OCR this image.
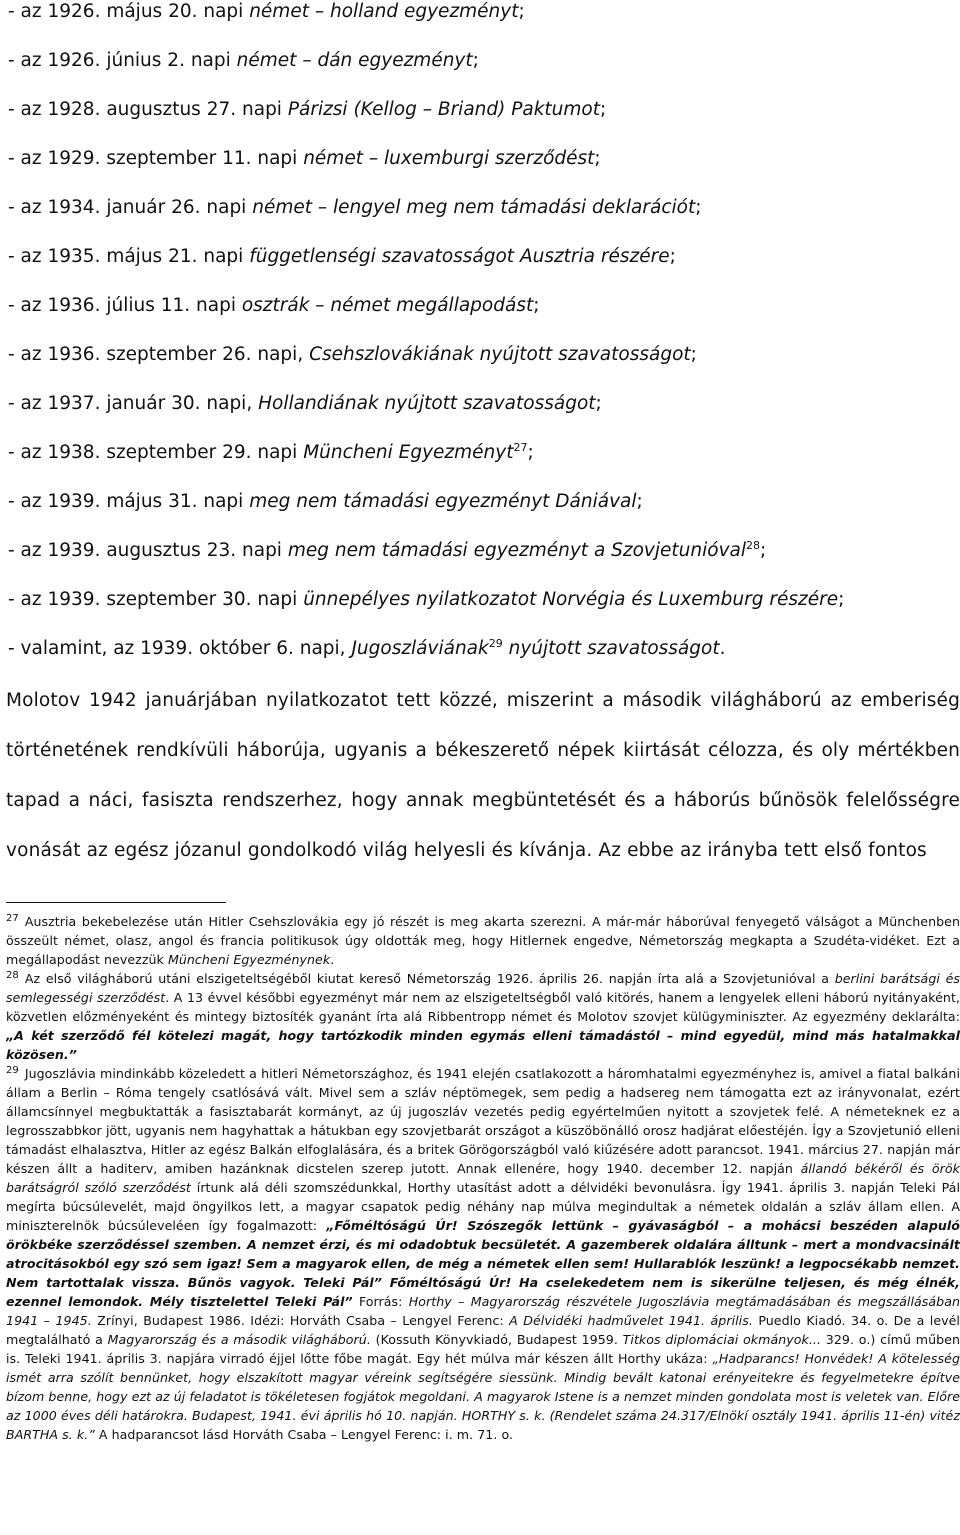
- az 1926. május 20. napi német – holland egyezményt;
- az 1926. június 2. napi német – dán egyezményt;
- az 1928. augusztus 27. napi Párizsi (Kellog – Briand) Paktumot;
- az 1929. szeptember 11. napi német – luxemburgi szerződést;
- az 1934. január 26. napi német – lengyel meg nem támadási deklarációt;
- az 1935. május 21. napi függetlenségi szavatosságot Ausztria részére;
- az 1936. július 11. napi osztrák – német megállapodást;
- az 1936. szeptember 26. napi, Csehszlovákiának nyújtott szavatosságot;
- az 1937. január 30. napi, Hollandiának nyújtott szavatosságot;
- az 1938. szeptember 29. napi Müncheni Egyezményt$^{27}$;
- az 1939. május 31. napi meg nem támadási egyezményt Dániával;
- az 1939. augusztus 23. napi meg nem támadási egyezményt a Szovjetunióval$^{28}$;
- az 1939. szeptember 30. napi ünnepélyes nyilatkozatot Norvégia és Luxemburg részére;
- valamint, az 1939. október 6. napi, Jugoszláviának$^{29}$ nyújtott szavatosságot.

Molotov 1942 januárjában nyilatkozatot tett közzé, miszerint a második világháború az emberiség történetének rendkívüli háborúja, ugyanis a békeszerető népek kiirtását célozza, és oly mértékben tapad a náci, fasiszta rendszerhez, hogy annak megbüntetését és a háborús bűnösök felelősségre vonását az egész józanul gondolkodó világ helyesli és kívánja. Az ebbe az irányba tett első fontos

$^{27}$ Ausztria bekebelezése után Hitler Csehszlovákia egy jó részét is meg akarta szerezni. A már-már háborúval fenyegető válságot a Münchenben összeült német, olasz, angol és francia politikusok úgy oldották meg, hogy Hitlernek engedve, Németország megkapta a Szudéta-vidéket. Ezt a megállapodást nevezzük Müncheni Egyezménynek.

$^{28}$ Az első világháború utáni elszigeteltségéből kiutat kereső Németország 1926. április 26. napján írta alá a Szovjetunióval a berlini barátsági és semlegességi szerződést. A 13 évvel későbbi egyezményt már nem az elszigeteltségből való kitörés, hanem a lengyelek elleni háború nyitányaként, közvetlen előzményeként és mintegy biztosíték gyanánt írta alá Ribbentropp német és Molotov szovjet külügyminiszter. Az egyezmény deklarálta: „A két szerződő fél kötelezi magát, hogy tartózkodik minden egymás elleni támadástól – mind egyedül, mind más hatalmakkal közösen.”

$^{29}$ Jugoszlávia mindinkább közeledett a hitleri Németországhoz, és 1941 elején csatlakozott a háromhatalmi egyezményhez is, amivel a fiatal balkáni állam a Berlin – Róma tengely csatlósává vált. Mivel sem a szláv néptömegek, sem pedig a hadsereg nem támogatta ezt az irányvonalat, ezért államcsínnyel megbuktatták a fasisztabarát kormányt, az új jugoszláv vezetés pedig egyértelműen nyitott a szovjetek felé. A németeknek ez a legrosszabbkor jött, ugyanis nem hagyhattak a hátukban egy szovjetbarát országot a küszöbönálló orosz hadjárat előestéjén. Így a Szovjetunió elleni támadást elhalasztva, Hitler az egész Balkán elfoglalására, és a britek Görögországból való kiűzésére adott parancsot. 1941. március 27. napján már készen állt a haditerv, amiben hazánknak dicstelen szerep jutott. Annak ellenére, hogy 1940. december 12. napján állandó békéről és örök barátságról szóló szerződést írtunk alá déli szomszédunkkal, Horthy utasítást adott a délvidéki bevonulásra. Így 1941. április 3. napján Teleki Pál megírta búcsúlevelét, majd öngyilkos lett, a magyar csapatok pedig néhány nap múlva megindultak a németek oldalán a szláv állam ellen. A miniszterelnök búcsúleveléen így fogalmazott: „Főméltóságú Úr! Szószegők lettünk – gyávaságból – a mohácsi beszéden alapuló örökbéke szerződéssel szemben. A nemzet érzi, és mi odadobtuk becsületét. A gazemberek oldalára álltunk – mert a mondvacsinált atrocitásokból egy szó sem igaz! Sem a magyarok ellen, de még a németek ellen sem! Hullarablók leszünk! a legpocsékabb nemzet. Nem tartottalak vissza. Bűnös vagyok. Teleki Pál” Főméltóságú Úr! Ha cselekedetem nem is sikerülne teljesen, és még élnék, ezennel lemondok. Mély tisztelettel Teleki Pál” Forrás: Horthy – Magyarország részvétele Jugoszlávia megtámadásában és megszállásában 1941 – 1945. Zrínyi, Budapest 1986. Idézi: Horváth Csaba – Lengyel Ferenc: A Délvidéki hadművelet 1941. április. Puedlo Kiadó. 34. o. De a levél megtalálható a Magyarország és a második világháború. (Kossuth Könyvkiadó, Budapest 1959. Titkos diplomáciai okmányok... 329. o.) című műben is. Teleki 1941. április 3. napjára virradó éjjel lőtte főbe magát. Egy hét múlva már készen állt Horthy ukáza: „Hadparancs! Honvédek! A kötelesség ismét arra szólít bennünket, hogy elszakított magyar véreink segítségére siessünk. Mindig bevált katonai erényeitekre és fegyelmetekre építve bízom benne, hogy ezt az új feladatot is tökéletesen fogjátok megoldani. A magyarok Istene is a nemzet minden gondolata most is veletek van. Előre az 1000 éves déli határokra. Budapest, 1941. évi április hó 10. napján. HORTHY s. k. (Rendelet száma 24.317/Elnökí osztály 1941. április 11-én) vitéz BARTHA s. k.” A hadparancsot lásd Horváth Csaba – Lengyel Ferenc: i. m. 71. o.
